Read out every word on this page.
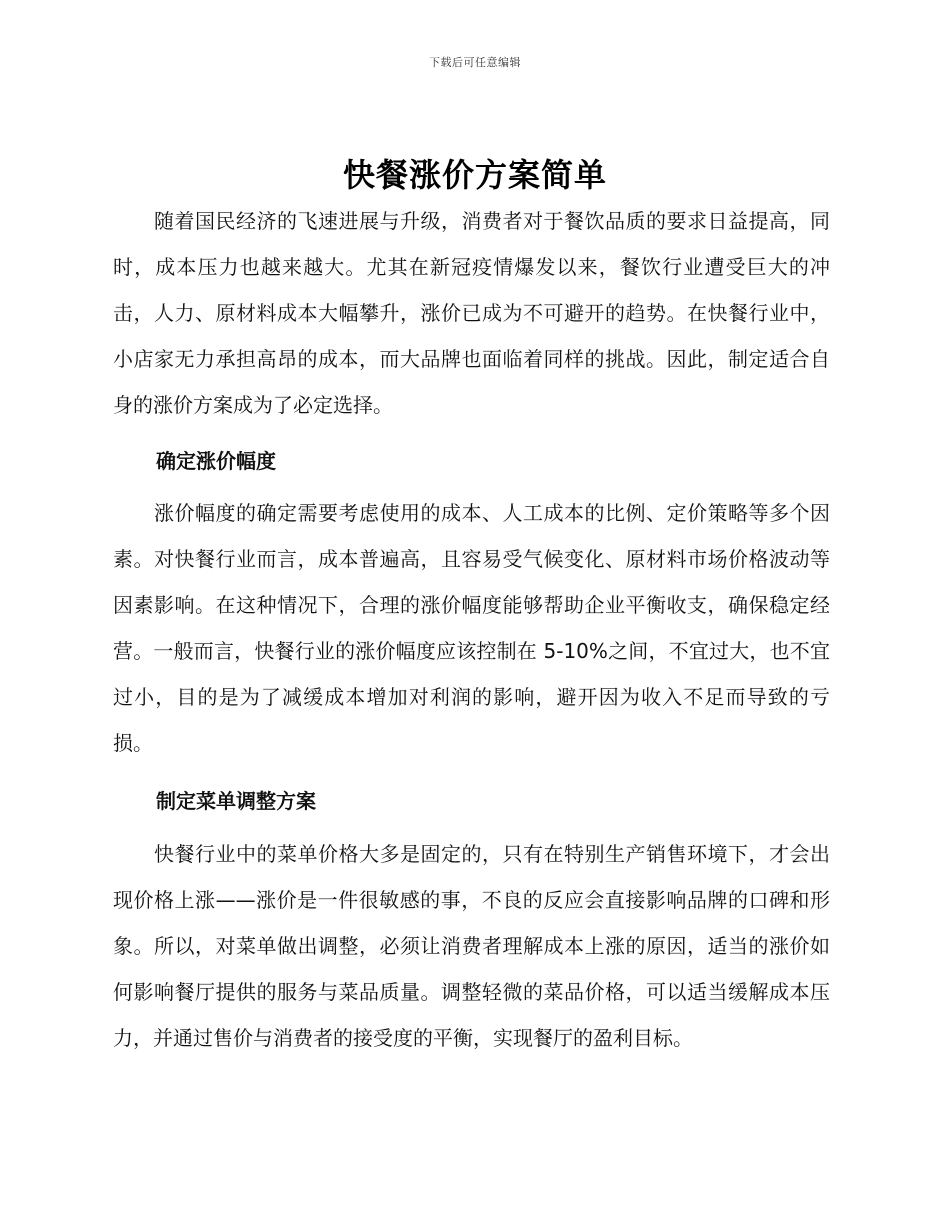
下载后可任意编辑
快餐涨价方案简单

随着国民经济的飞速进展与升级，消费者对于餐饮品质的要求日益提高，同时，成本压力也越来越大。尤其在新冠疫情爆发以来，餐饮行业遭受巨大的冲击，人力、原材料成本大幅攀升，涨价已成为不可避开的趋势。在快餐行业中，小店家无力承担高昂的成本，而大品牌也面临着同样的挑战。因此，制定适合自身的涨价方案成为了必定选择。

确定涨价幅度

涨价幅度的确定需要考虑使用的成本、人工成本的比例、定价策略等多个因素。对快餐行业而言，成本普遍高，且容易受气候变化、原材料市场价格波动等因素影响。在这种情况下，合理的涨价幅度能够帮助企业平衡收支，确保稳定经营。一般而言，快餐行业的涨价幅度应该控制在 5-10%之间，不宜过大，也不宜过小，目的是为了减缓成本增加对利润的影响，避开因为收入不足而导致的亏损。

制定菜单调整方案

快餐行业中的菜单价格大多是固定的，只有在特别生产销售环境下，才会出现价格上涨——涨价是一件很敏感的事，不良的反应会直接影响品牌的口碑和形象。所以，对菜单做出调整，必须让消费者理解成本上涨的原因，适当的涨价如何影响餐厅提供的服务与菜品质量。调整轻微的菜品价格，可以适当缓解成本压力，并通过售价与消费者的接受度的平衡，实现餐厅的盈利目标。
